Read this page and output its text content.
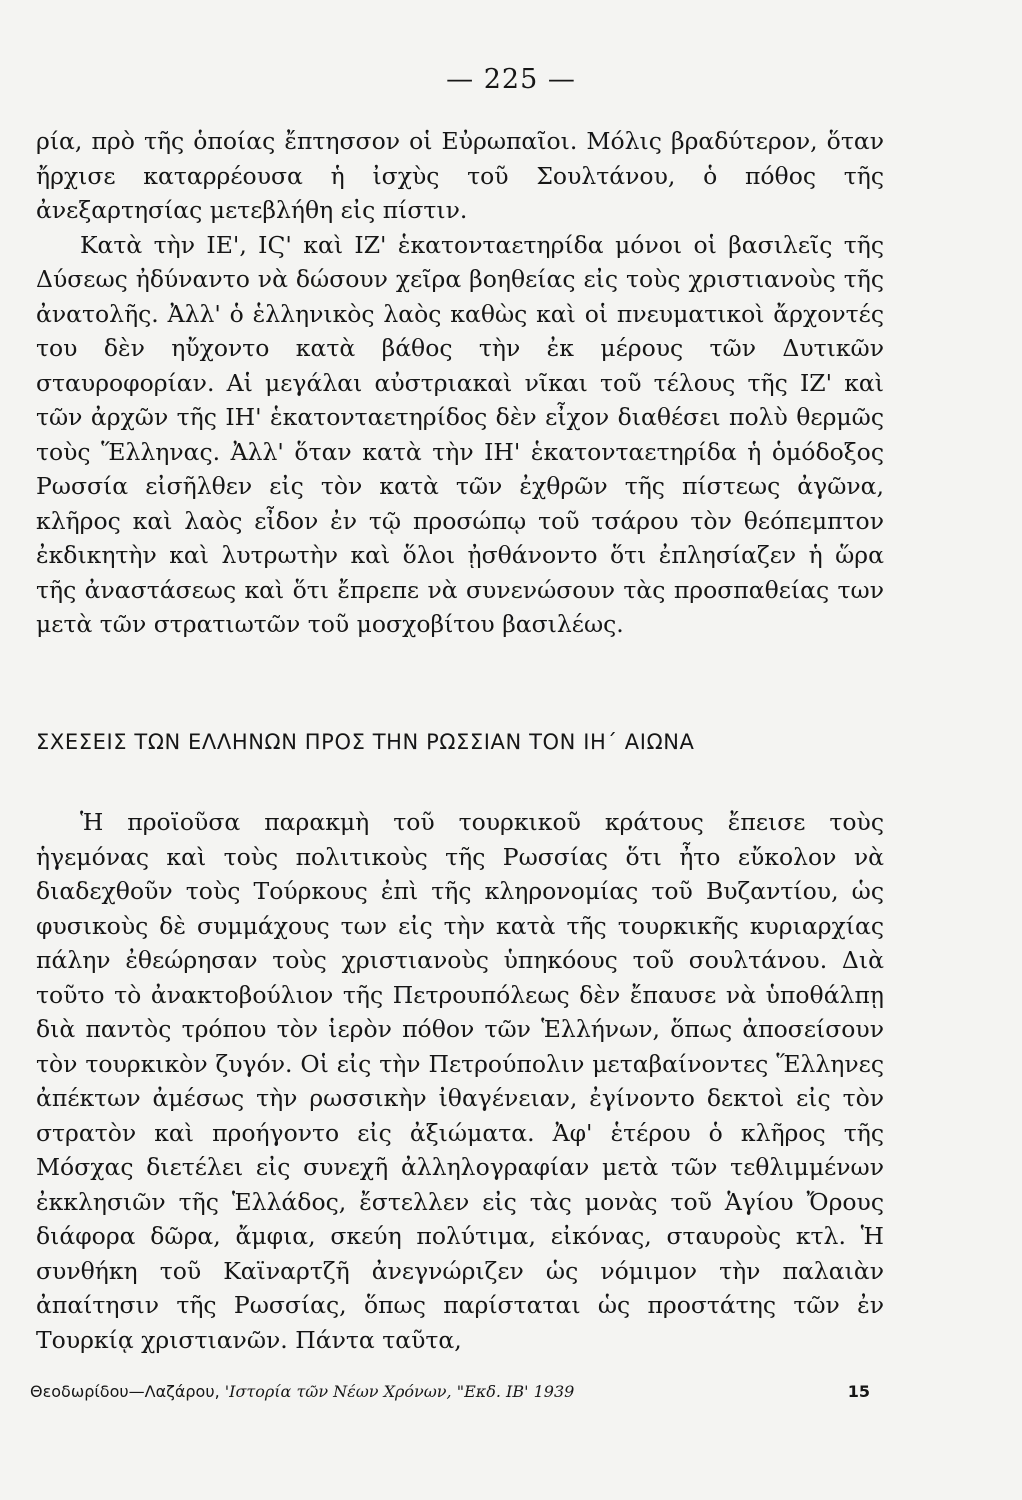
— 225 —

ρία, πρὸ τῆς ὁποίας ἔπτησσον οἱ Εὐρωπαῖοι. Μόλις βραδύτερον, ὅταν ἤρχισε καταρρέουσα ἡ ἰσχὺς τοῦ Σουλτάνου, ὁ πόθος τῆς ἀνεξαρτησίας μετεβλήθη εἰς πίστιν.

Κατὰ τὴν ΙΕ', ΙϚ' καὶ ΙΖ' ἑκατονταετηρίδα μόνοι οἱ βασιλεῖς τῆς Δύσεως ἠδύναντο νὰ δώσουν χεῖρα βοηθείας εἰς τοὺς χριστιανοὺς τῆς ἀνατολῆς. Ἀλλ' ὁ ἑλληνικὸς λαὸς καθὼς καὶ οἱ πνευματικοὶ ἄρχοντές του δὲν ηὔχοντο κατὰ βάθος τὴν ἐκ μέρους τῶν Δυτικῶν σταυροφορίαν. Αἱ μεγάλαι αὐστριακαὶ νῖκαι τοῦ τέλους τῆς ΙΖ' καὶ τῶν ἀρχῶν τῆς ΙΗ' ἑκατονταετηρίδος δὲν εἶχον διαθέσει πολὺ θερμῶς τοὺς Ἕλληνας. Ἀλλ' ὅταν κατὰ τὴν ΙΗ' ἑκατονταετηρίδα ἡ ὁμόδοξος Ρωσσία εἰσῆλθεν εἰς τὸν κατὰ τῶν ἐχθρῶν τῆς πίστεως ἀγῶνα, κλῆρος καὶ λαὸς εἶδον ἐν τῷ προσώπῳ τοῦ τσάρου τὸν θεόπεμπτον ἐκδικητὴν καὶ λυτρωτὴν καὶ ὅλοι ᾐσθάνοντο ὅτι ἐπλησίαζεν ἡ ὥρα τῆς ἀναστάσεως καὶ ὅτι ἔπρεπε νὰ συνενώσουν τὰς προσπαθείας των μετὰ τῶν στρατιωτῶν τοῦ μοσχοβίτου βασιλέως.

ΣΧΕΣΕΙΣ ΤΩΝ ΕΛΛΗΝΩΝ ΠΡΟΣ ΤΗΝ ΡΩΣΣΙΑΝ ΤΟΝ ΙΗ΄ ΑΙΩΝΑ

Ἡ προϊοῦσα παρακμὴ τοῦ τουρκικοῦ κράτους ἔπεισε τοὺς ἡγεμόνας καὶ τοὺς πολιτικοὺς τῆς Ρωσσίας ὅτι ἦτο εὔκολον νὰ διαδεχθοῦν τοὺς Τούρκους ἐπὶ τῆς κληρονομίας τοῦ Βυζαντίου, ὡς φυσικοὺς δὲ συμμάχους των εἰς τὴν κατὰ τῆς τουρκικῆς κυριαρχίας πάλην ἐθεώρησαν τοὺς χριστιανοὺς ὑπηκόους τοῦ σουλτάνου. Διὰ τοῦτο τὸ ἀνακτοβούλιον τῆς Πετρουπόλεως δὲν ἔπαυσε νὰ ὑποθάλπῃ διὰ παντὸς τρόπου τὸν ἱερὸν πόθον τῶν Ἑλλήνων, ὅπως ἀποσείσουν τὸν τουρκικὸν ζυγόν. Οἱ εἰς τὴν Πετρούπολιν μεταβαίνοντες Ἕλληνες ἀπέκτων ἀμέσως τὴν ρωσσικὴν ἰθαγένειαν, ἐγίνοντο δεκτοὶ εἰς τὸν στρατὸν καὶ προήγοντο εἰς ἀξιώματα. Ἀφ' ἑτέρου ὁ κλῆρος τῆς Μόσχας διετέλει εἰς συνεχῆ ἀλληλογραφίαν μετὰ τῶν τεθλιμμένων ἐκκλησιῶν τῆς Ἑλλάδος, ἔστελλεν εἰς τὰς μονὰς τοῦ Ἁγίου Ὄρους διάφορα δῶρα, ἄμφια, σκεύη πολύτιμα, εἰκόνας, σταυροὺς κτλ. Ἡ συνθήκη τοῦ Καϊναρτζῆ ἀνεγνώριζεν ὡς νόμιμον τὴν παλαιὰν ἀπαίτησιν τῆς Ρωσσίας, ὅπως παρίσταται ὡς προστάτης τῶν ἐν Τουρκίᾳ χριστιανῶν. Πάντα ταῦτα,

Θεοδωρίδου—Λαζάρου, 'Ιστορία τῶν Νέων Χρόνων, "Εκδ. ΙΒ' 1939	15
